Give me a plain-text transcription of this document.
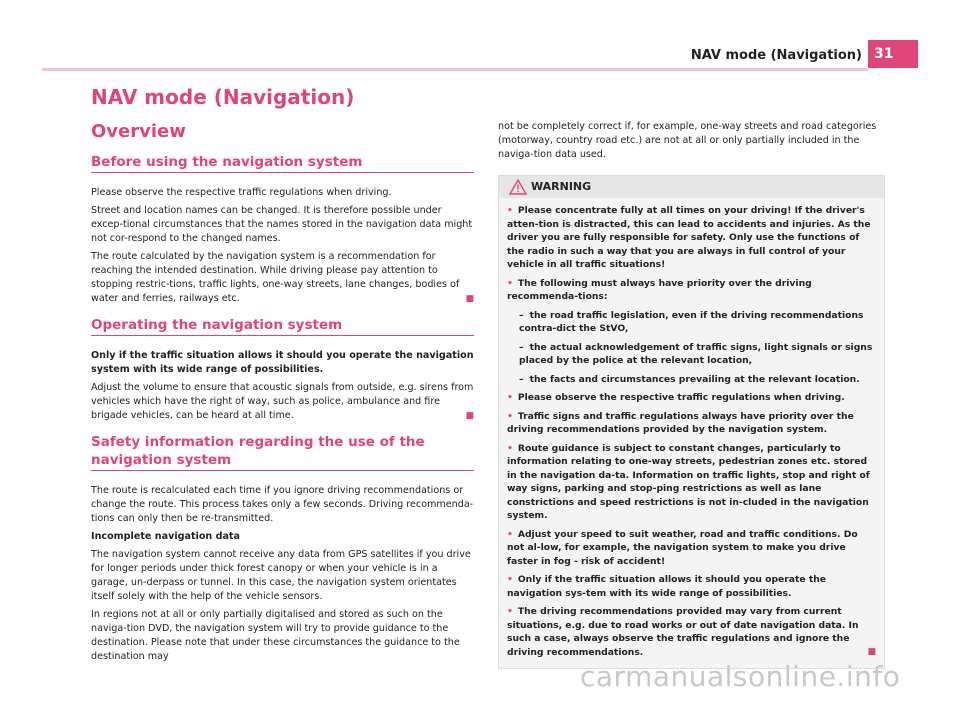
NAV mode (Navigation) 31
NAV mode (Navigation)
Overview
Before using the navigation system

Please observe the respective traffic regulations when driving.

Street and location names can be changed. It is therefore possible under excep-tional circumstances that the names stored in the navigation data might not cor-respond to the changed names.

The route calculated by the navigation system is a recommendation for reaching the intended destination. While driving please pay attention to stopping restric-tions, traffic lights, one-way streets, lane changes, bodies of water and ferries, railways etc.	■

Operating the navigation system

Only if the traffic situation allows it should you operate the navigation system with its wide range of possibilities.

Adjust the volume to ensure that acoustic signals from outside, e.g. sirens from vehicles which have the right of way, such as police, ambulance and fire brigade vehicles, can be heard at all time.	■

Safety information regarding the use of the navigation system

The route is recalculated each time if you ignore driving recommendations or change the route. This process takes only a few seconds. Driving recommenda-tions can only then be re-transmitted.

Incomplete navigation data

The navigation system cannot receive any data from GPS satellites if you drive for longer periods under thick forest canopy or when your vehicle is in a garage, un-derpass or tunnel. In this case, the navigation system orientates itself solely with the help of the vehicle sensors.

In regions not at all or only partially digitalised and stored as such on the naviga-tion DVD, the navigation system will try to provide guidance to the destination. Please note that under these circumstances the guidance to the destination may

not be completely correct if, for example, one-way streets and road categories (motorway, country road etc.) are not at all or only partially included in the naviga-tion data used.

WARNING

• Please concentrate fully at all times on your driving! If the driver's atten-tion is distracted, this can lead to accidents and injuries. As the driver you are fully responsible for safety. Only use the functions of the radio in such a way that you are always in full control of your vehicle in all traffic situations!

• The following must always have priority over the driving recommenda-tions:

– the road traffic legislation, even if the driving recommendations contra-dict the StVO,

– the actual acknowledgement of traffic signs, light signals or signs placed by the police at the relevant location,

– the facts and circumstances prevailing at the relevant location.

• Please observe the respective traffic regulations when driving.

• Traffic signs and traffic regulations always have priority over the driving recommendations provided by the navigation system.

• Route guidance is subject to constant changes, particularly to information relating to one-way streets, pedestrian zones etc. stored in the navigation da-ta. Information on traffic lights, stop and right of way signs, parking and stop-ping restrictions as well as lane constrictions and speed restrictions is not in-cluded in the navigation system.

• Adjust your speed to suit weather, road and traffic conditions. Do not al-low, for example, the navigation system to make you drive faster in fog - risk of accident!

• Only if the traffic situation allows it should you operate the navigation sys-tem with its wide range of possibilities.

• The driving recommendations provided may vary from current situations, e.g. due to road works or out of date navigation data. In such a case, always observe the traffic regulations and ignore the driving recommendations.	■

carmanualsonline.info
